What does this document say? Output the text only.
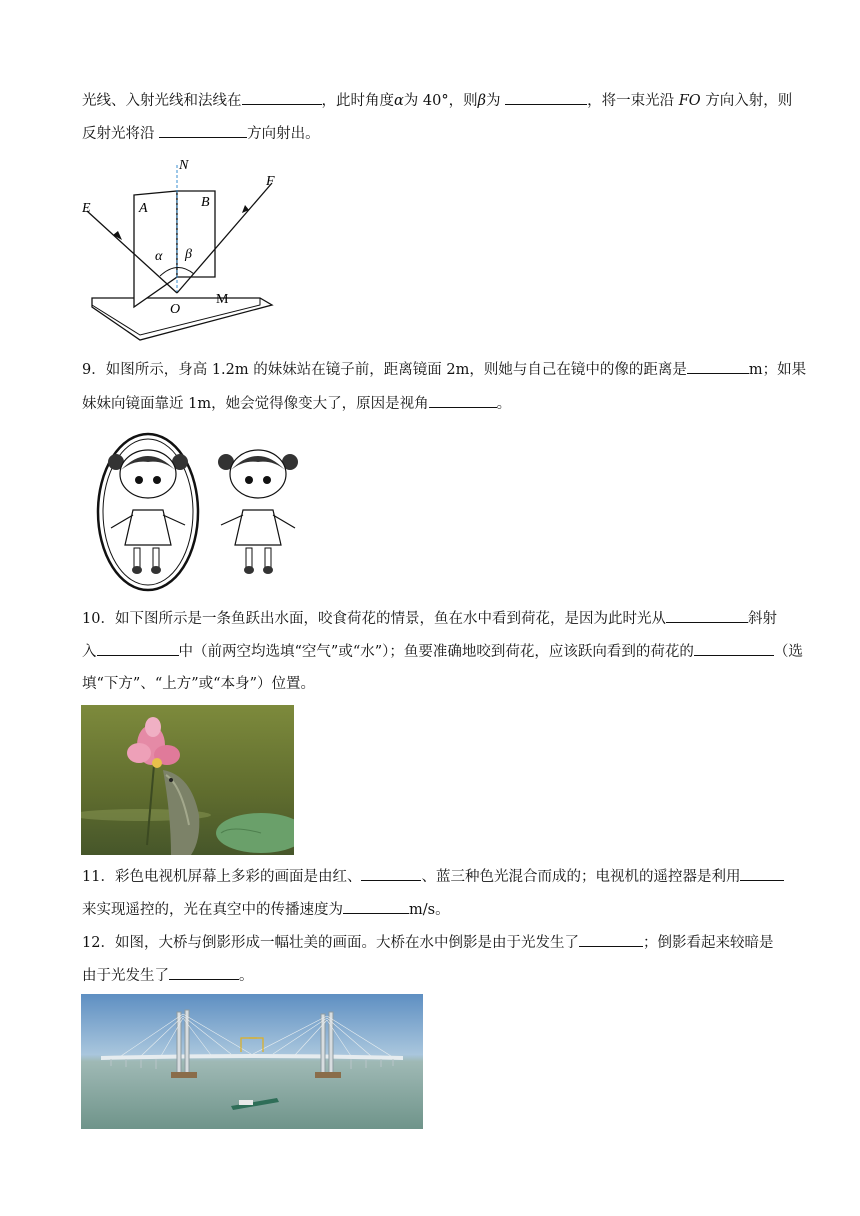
光线、入射光线和法线在	，此时角度α为 40°，则β为	，将一束光沿 FO 方向入射，则
反射光将沿	方向射出。
N
E
F
A	B
α β
O
M
9．如图所示，身高 1.2m 的妹妹站在镜子前，距离镜面 2m，则她与自己在镜中的像的距离是	m；如果
妹妹向镜面靠近 1m，她会觉得像变大了，原因是视角	。
10．如下图所示是一条鱼跃出水面，咬食荷花的情景，鱼在水中看到荷花，是因为此时光从	斜射
入	中（前两空均选填“空气”或“水”）；鱼要准确地咬到荷花，应该跃向看到的荷花的	（选
填“下方”、“上方”或“本身”）位置。
11．彩色电视机屏幕上多彩的画面是由红、	、蓝三种色光混合而成的；电视机的遥控器是利用
来实现遥控的，光在真空中的传播速度为	m/s。
12．如图，大桥与倒影形成一幅壮美的画面。大桥在水中倒影是由于光发生了	；倒影看起来较暗是
由于光发生了	。
